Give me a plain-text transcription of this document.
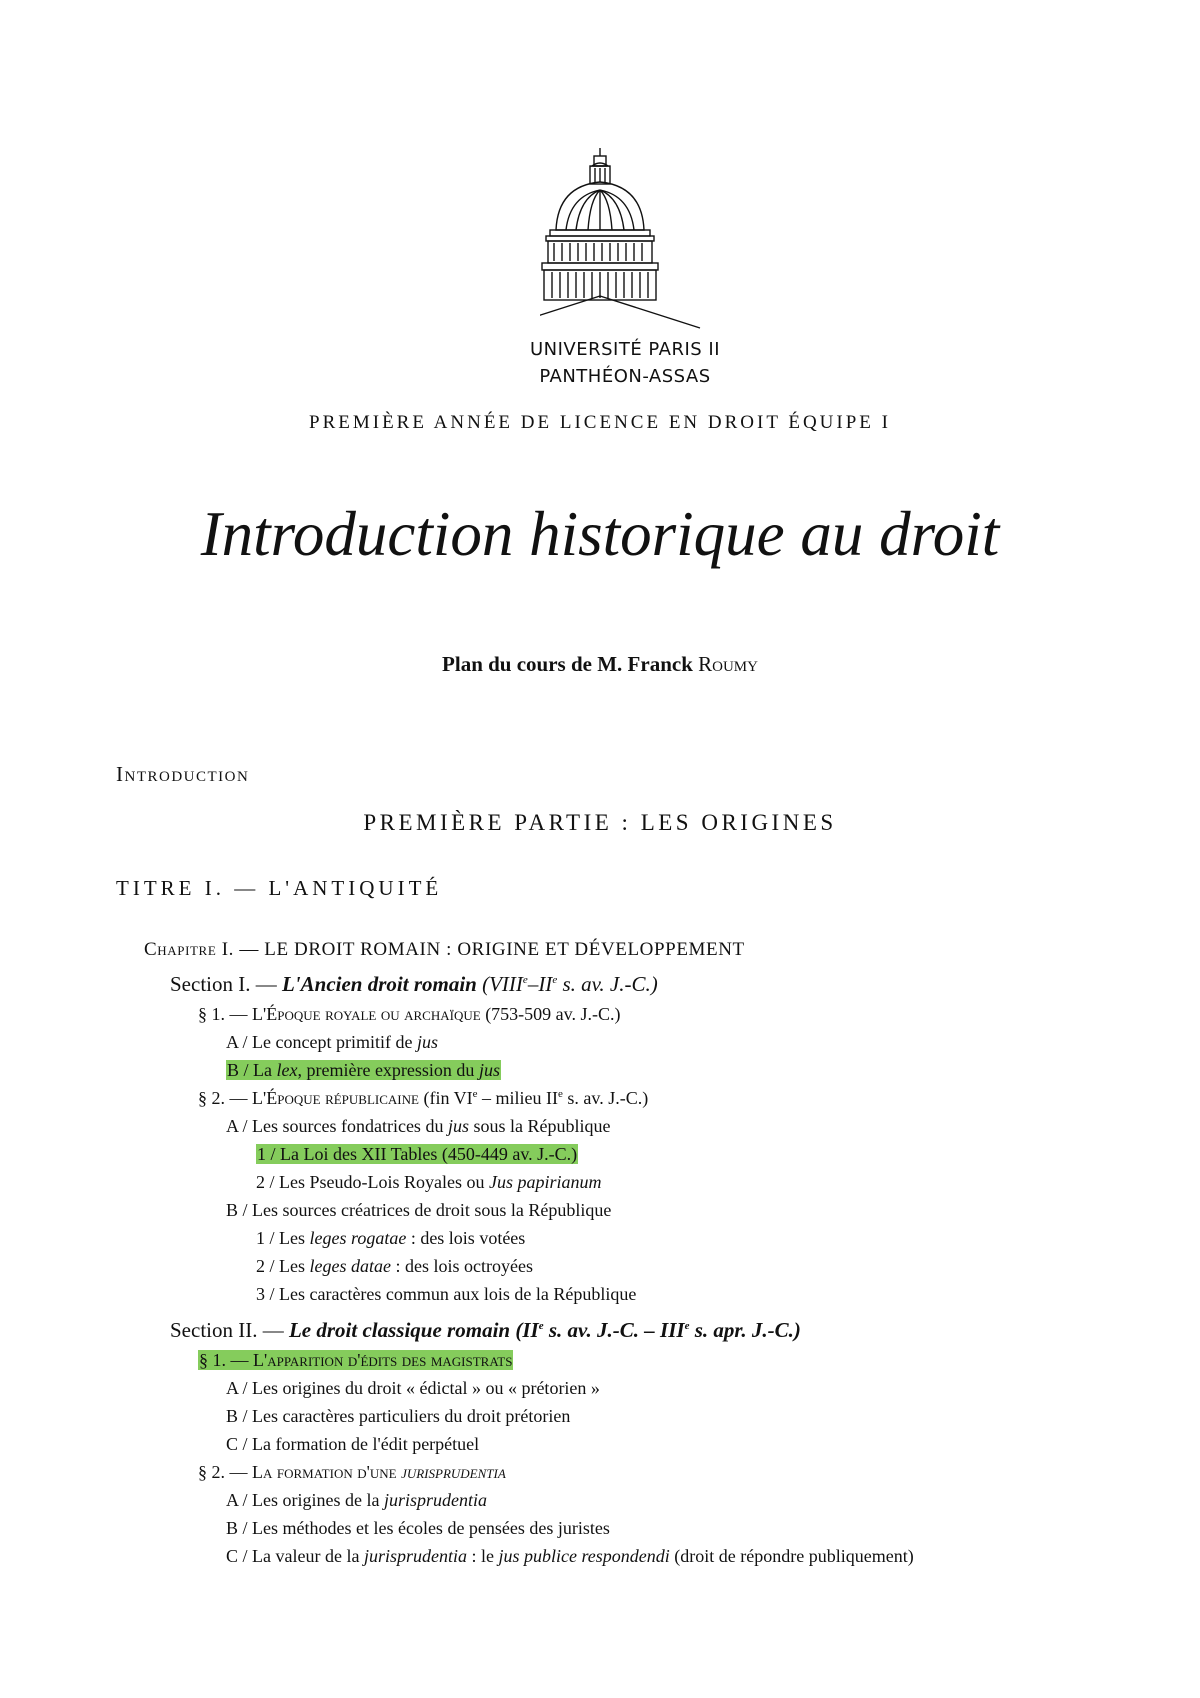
UNIVERSITÉ PARIS II
PANTHÉON-ASSAS
PREMIÈRE ANNÉE DE LICENCE EN DROIT ÉQUIPE I
Introduction historique au droit
Plan du cours de M. Franck Roumy
Introduction
PREMIÈRE PARTIE : LES ORIGINES
TITRE I. — L'ANTIQUITÉ
Chapitre I. — LE DROIT ROMAIN : ORIGINE ET DÉVELOPPEMENT
Section I. — L'Ancien droit romain (VIIIe–IIe s. av. J.-C.)
§ 1. — L'Époque royale ou archaïque (753-509 av. J.-C.)
A / Le concept primitif de jus
B / La lex, première expression du jus
§ 2. — L'Époque républicaine (fin VIe – milieu IIe s. av. J.-C.)
A / Les sources fondatrices du jus sous la République
1 / La Loi des XII Tables (450-449 av. J.-C.)
2 / Les Pseudo-Lois Royales ou Jus papirianum
B / Les sources créatrices de droit sous la République
1 / Les leges rogatae : des lois votées
2 / Les leges datae : des lois octroyées
3 / Les caractères commun aux lois de la République
Section II. — Le droit classique romain (IIe s. av. J.-C. – IIIe s. apr. J.-C.)
§ 1. — L'apparition d'édits des magistrats
A / Les origines du droit « édictal » ou « prétorien »
B / Les caractères particuliers du droit prétorien
C / La formation de l'édit perpétuel
§ 2. — La formation d'une jurisprudentia
A / Les origines de la jurisprudentia
B / Les méthodes et les écoles de pensées des juristes
C / La valeur de la jurisprudentia : le jus publice respondendi (droit de répondre publiquement)
